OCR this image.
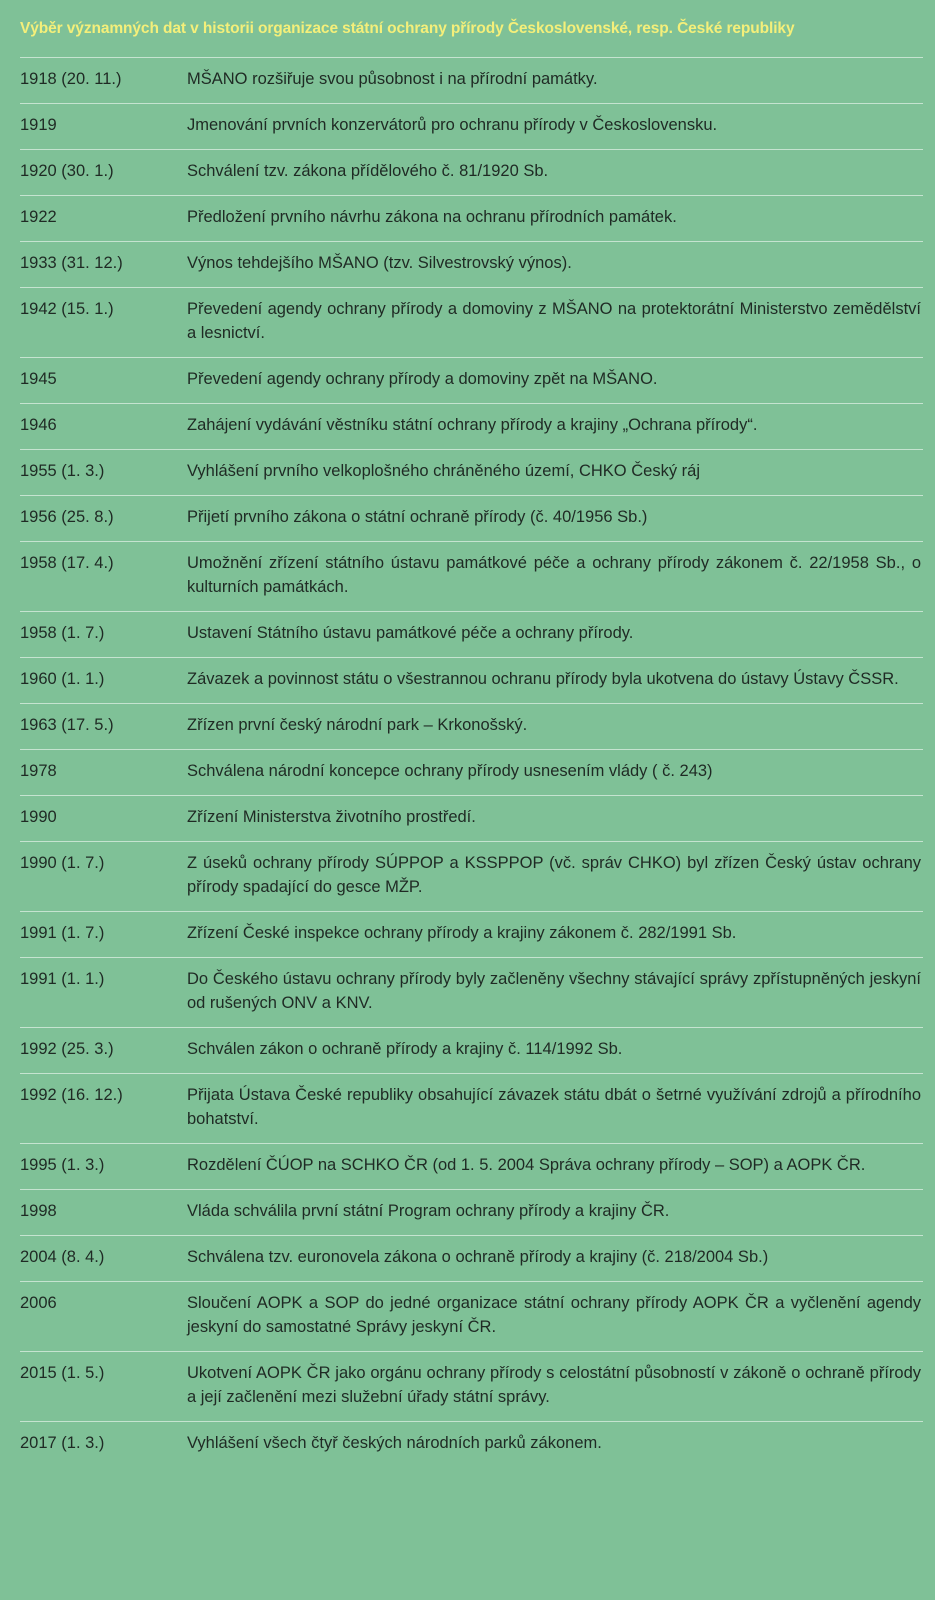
Výběr významných dat v historii organizace státní ochrany přírody Československé, resp. České republiky
1918 (20. 11.)	MŠANO rozšiřuje svou působnost i na přírodní památky.
1919	Jmenování prvních konzervátorů pro ochranu přírody v Československu.
1920 (30. 1.)	Schválení tzv. zákona přídělového č. 81/1920 Sb.
1922	Předložení prvního návrhu zákona na ochranu přírodních památek.
1933 (31. 12.)	Výnos tehdejšího MŠANO (tzv. Silvestrovský výnos).
1942 (15. 1.)	Převedení agendy ochrany přírody a domoviny z MŠANO na protektorátní Ministerstvo zemědělství a lesnictví.
1945	Převedení agendy ochrany přírody a domoviny zpět na MŠANO.
1946	Zahájení vydávání věstníku státní ochrany přírody a krajiny „Ochrana přírody“.
1955 (1. 3.)	Vyhlášení prvního velkoplošného chráněného území, CHKO Český ráj
1956 (25. 8.)	Přijetí prvního zákona o státní ochraně přírody (č. 40/1956 Sb.)
1958 (17. 4.)	Umožnění zřízení státního ústavu památkové péče a ochrany přírody zákonem č. 22/1958 Sb., o kulturních památkách.
1958 (1. 7.)	Ustavení Státního ústavu památkové péče a ochrany přírody.
1960 (1. 1.)	Závazek a povinnost státu o všestrannou ochranu přírody byla ukotvena do ústavy Ústavy ČSSR.
1963 (17. 5.)	Zřízen první český národní park – Krkonošský.
1978	Schválena národní koncepce ochrany přírody usnesením vlády ( č. 243)
1990	Zřízení Ministerstva životního prostředí.
1990 (1. 7.)	Z úseků ochrany přírody SÚPPOP a KSSPPOP (vč. správ CHKO) byl zřízen Český ústav ochrany přírody spadající do gesce MŽP.
1991 (1. 7.)	Zřízení České inspekce ochrany přírody a krajiny zákonem č. 282/1991 Sb.
1991 (1. 1.)	Do Českého ústavu ochrany přírody byly začleněny všechny stávající správy zpřístupněných jeskyní od rušených ONV a KNV.
1992 (25. 3.)	Schválen zákon o ochraně přírody a krajiny č. 114/1992 Sb.
1992 (16. 12.)	Přijata Ústava České republiky obsahující závazek státu dbát o šetrné využívání zdrojů a přírodního bohatství.
1995 (1. 3.)	Rozdělení ČÚOP na SCHKO ČR (od 1. 5. 2004 Správa ochrany přírody – SOP) a AOPK ČR.
1998	Vláda schválila první státní Program ochrany přírody a krajiny ČR.
2004 (8. 4.)	Schválena tzv. euronovela zákona o ochraně přírody a krajiny (č. 218/2004 Sb.)
2006	Sloučení AOPK a SOP do jedné organizace státní ochrany přírody AOPK ČR a vyčlenění agendy jeskyní do samostatné Správy jeskyní ČR.
2015 (1. 5.)	Ukotvení AOPK ČR jako orgánu ochrany přírody s celostátní působností v zákoně o ochraně přírody a její začlenění mezi služební úřady státní správy.
2017 (1. 3.)	Vyhlášení všech čtyř českých národních parků zákonem.
